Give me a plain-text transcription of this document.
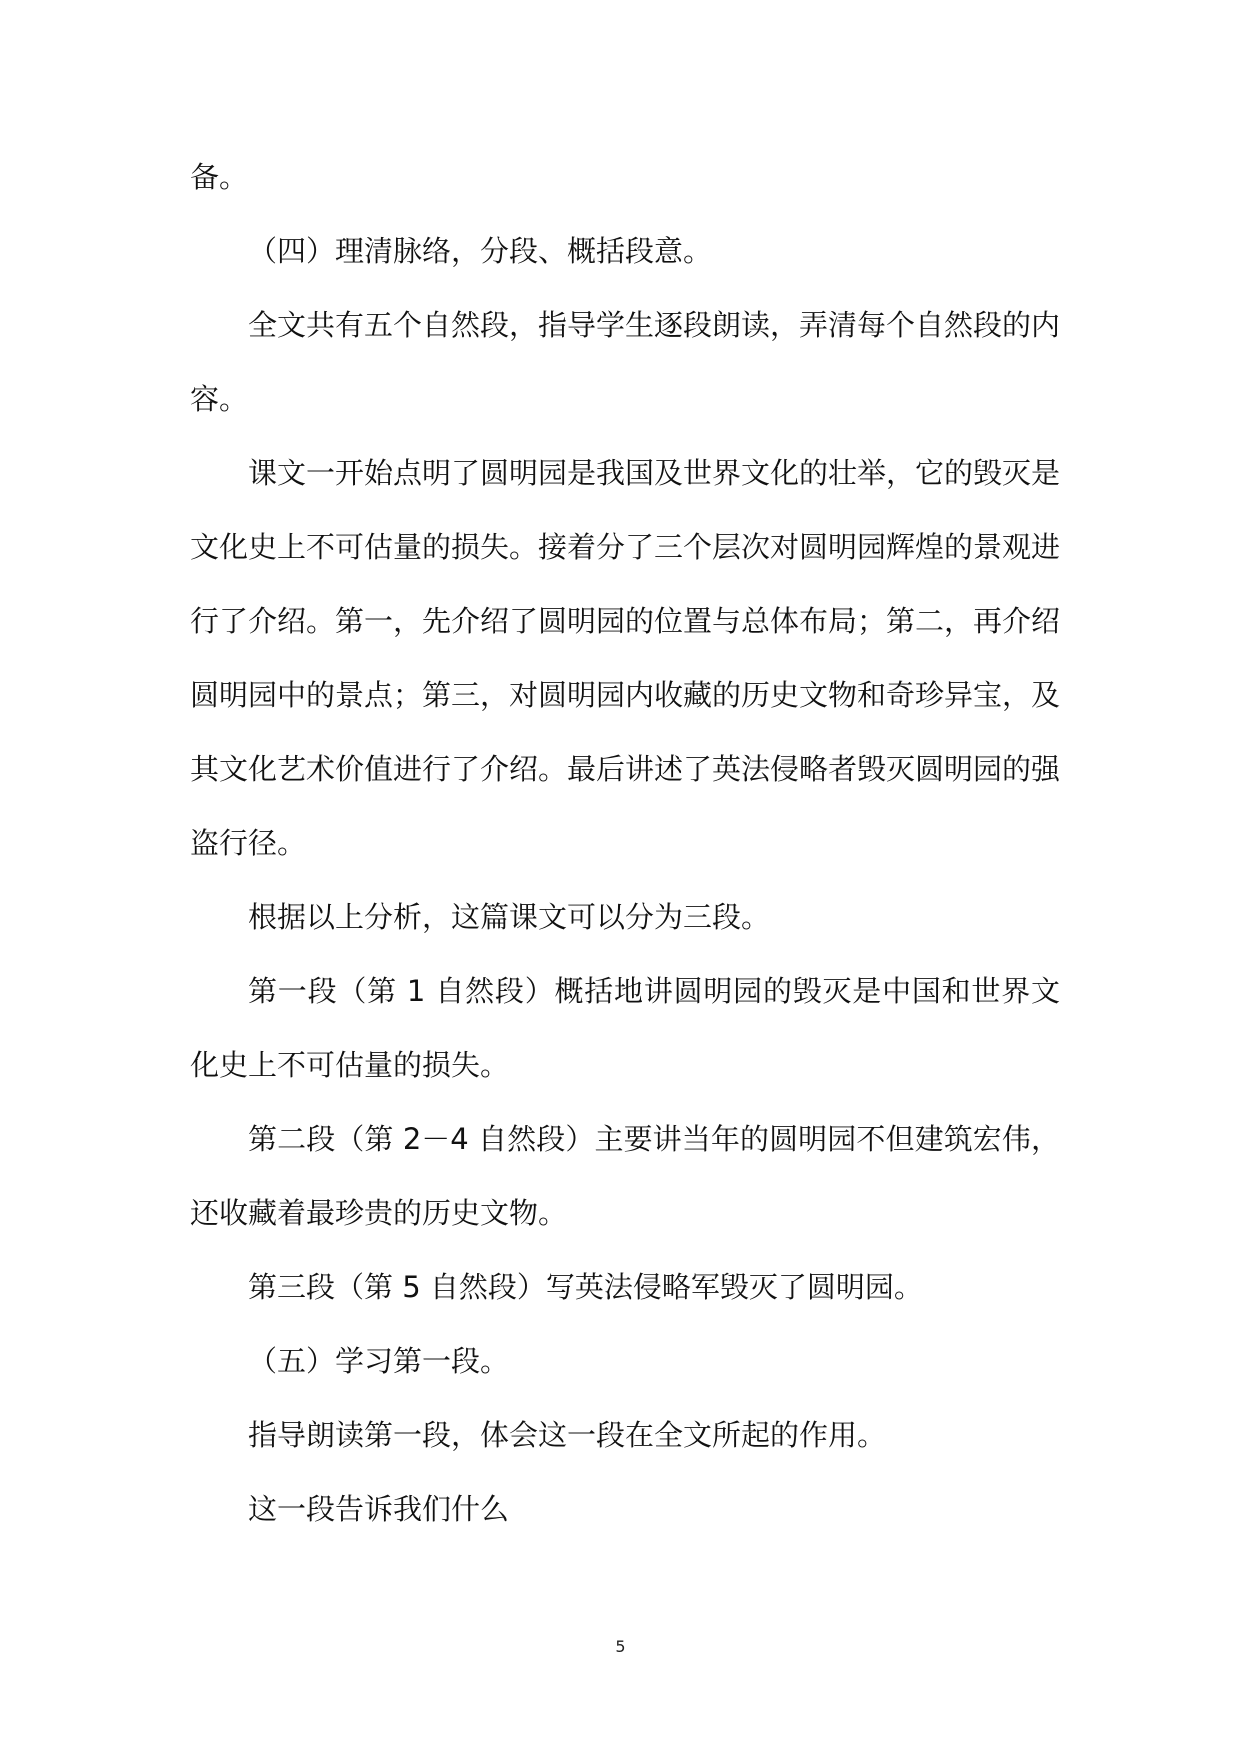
备。

（四）理清脉络，分段、概括段意。

全文共有五个自然段，指导学生逐段朗读，弄清每个自然段的内容。

课文一开始点明了圆明园是我国及世界文化的壮举，它的毁灭是文化史上不可估量的损失。接着分了三个层次对圆明园辉煌的景观进行了介绍。第一，先介绍了圆明园的位置与总体布局；第二，再介绍圆明园中的景点；第三，对圆明园内收藏的历史文物和奇珍异宝，及其文化艺术价值进行了介绍。最后讲述了英法侵略者毁灭圆明园的强盗行径。

根据以上分析，这篇课文可以分为三段。

第一段（第 1 自然段）概括地讲圆明园的毁灭是中国和世界文化史上不可估量的损失。

第二段（第 2－4 自然段）主要讲当年的圆明园不但建筑宏伟，还收藏着最珍贵的历史文物。

第三段（第 5 自然段）写英法侵略军毁灭了圆明园。

（五）学习第一段。

指导朗读第一段，体会这一段在全文所起的作用。

这一段告诉我们什么

5
